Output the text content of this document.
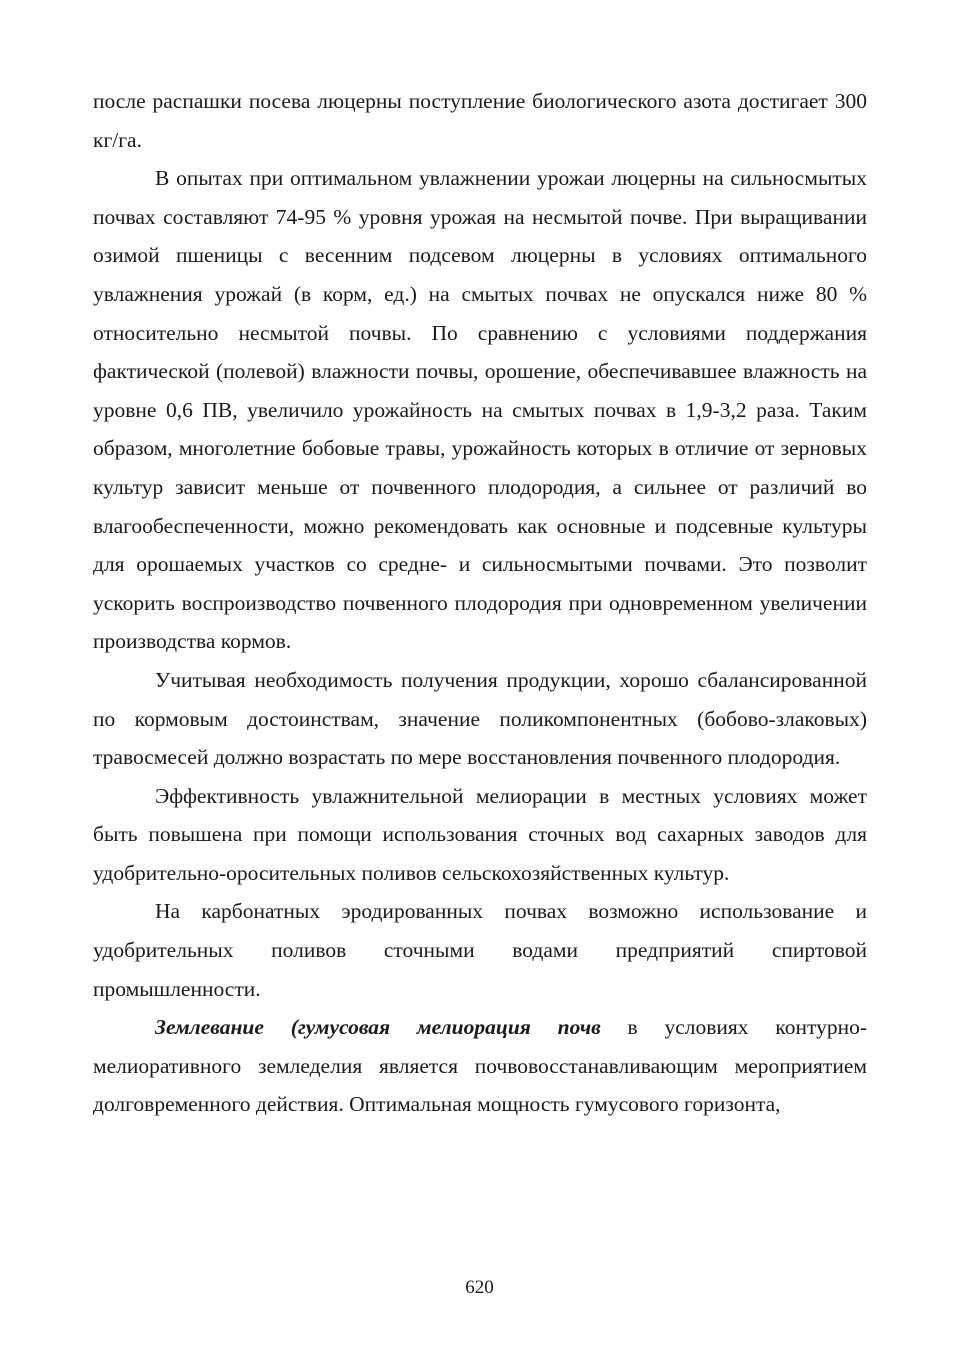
после распашки посева люцерны поступление биологического азота достигает 300 кг/га.

В опытах при оптимальном увлажнении урожаи люцерны на сильносмытых почвах составляют 74-95 % уровня урожая на несмытой почве. При выращивании озимой пшеницы с весенним подсевом люцерны в условиях оптимального увлажнения урожай (в корм, ед.) на смытых почвах не опускался ниже 80 % относительно несмытой почвы. По сравнению с условиями поддержания фактической (полевой) влажности почвы, орошение, обеспечивавшее влажность на уровне 0,6 ПВ, увеличило урожайность на смытых почвах в 1,9-3,2 раза. Таким образом, многолетние бобовые травы, урожайность которых в отличие от зерновых культур зависит меньше от почвенного плодородия, а сильнее от различий во влагообеспеченности, можно рекомендовать как основные и подсевные культуры для орошаемых участков со средне- и сильносмытыми почвами. Это позволит ускорить воспроизводство почвенного плодородия при одновременном увеличении производства кормов.

Учитывая необходимость получения продукции, хорошо сбалансированной по кормовым достоинствам, значение поликомпонентных (бобово-злаковых) травосмесей должно возрастать по мере восстановления почвенного плодородия.

Эффективность увлажнительной мелиорации в местных условиях может быть повышена при помощи использования сточных вод сахарных заводов для удобрительно-оросительных поливов сельскохозяйственных культур.

На карбонатных эродированных почвах возможно использование и удобрительных поливов сточными водами предприятий спиртовой промышленности.

Землевание (гумусовая мелиорация почв в условиях контурно-мелиоративного земледелия является почвовосстанавливающим мероприятием долговременного действия. Оптимальная мощность гумусового горизонта,

620
